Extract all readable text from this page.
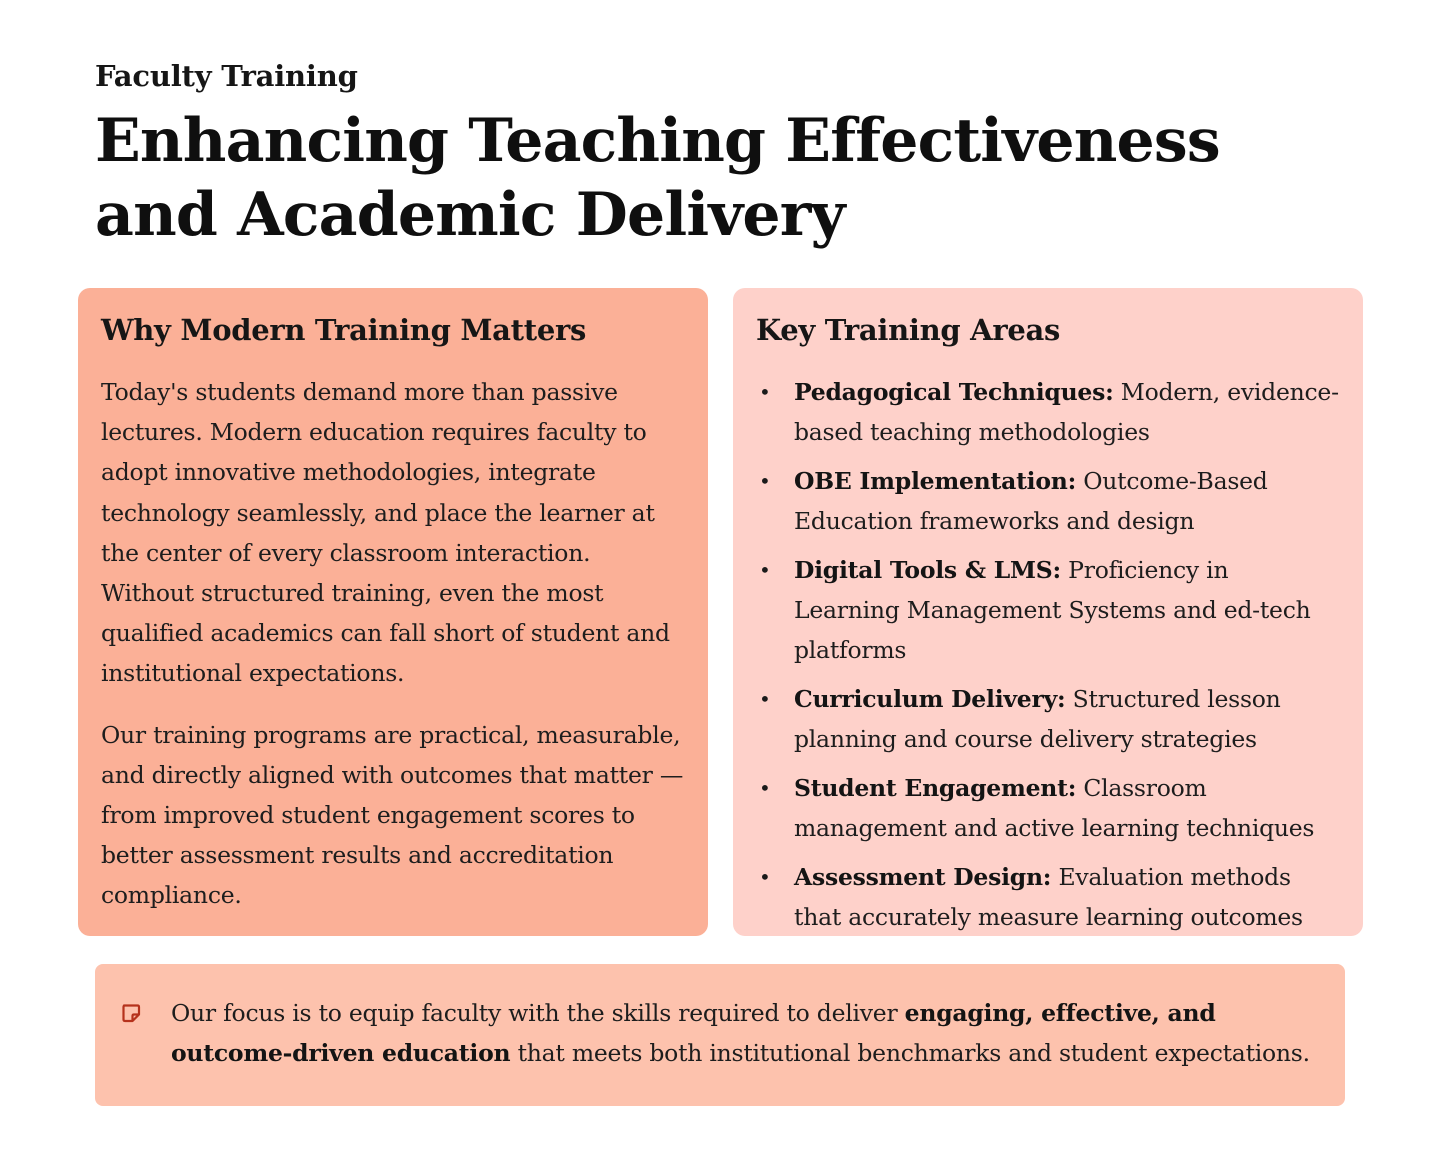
Faculty Training
Enhancing Teaching Effectiveness and Academic Delivery
Why Modern Training Matters

Today's students demand more than passive lectures. Modern education requires faculty to adopt innovative methodologies, integrate technology seamlessly, and place the learner at the center of every classroom interaction. Without structured training, even the most qualified academics can fall short of student and institutional expectations.

Our training programs are practical, measurable, and directly aligned with outcomes that matter — from improved student engagement scores to better assessment results and accreditation compliance.

Key Training Areas
• Pedagogical Techniques: Modern, evidence-based teaching methodologies
• OBE Implementation: Outcome-Based Education frameworks and design
• Digital Tools & LMS: Proficiency in Learning Management Systems and ed-tech platforms
• Curriculum Delivery: Structured lesson planning and course delivery strategies
• Student Engagement: Classroom management and active learning techniques
• Assessment Design: Evaluation methods that accurately measure learning outcomes

Our focus is to equip faculty with the skills required to deliver engaging, effective, and outcome-driven education that meets both institutional benchmarks and student expectations.
